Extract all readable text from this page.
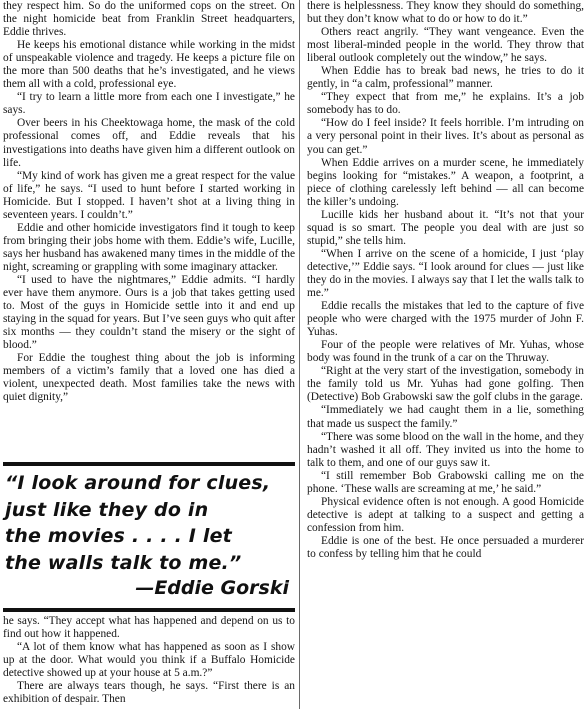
they respect him. So do the uniformed cops on the street. On the night homicide beat from Franklin Street headquarters, Eddie thrives.

He keeps his emotional distance while working in the midst of unspeakable violence and tragedy. He keeps a picture file on the more than 500 deaths that he’s investigated, and he views them all with a cold, professional eye.

“I try to learn a little more from each one I investigate,” he says.

Over beers in his Cheektowaga home, the mask of the cold professional comes off, and Eddie reveals that his investigations into deaths have given him a different outlook on life.

“My kind of work has given me a great respect for the value of life,” he says. “I used to hunt before I started working in Homicide. But I stopped. I haven’t shot at a living thing in seventeen years. I couldn’t.”

Eddie and other homicide investigators find it tough to keep from bringing their jobs home with them. Eddie’s wife, Lucille, says her husband has awakened many times in the middle of the night, screaming or grappling with some imaginary attacker.

“I used to have the nightmares,” Eddie admits. “I hardly ever have them anymore. Ours is a job that takes getting used to. Most of the guys in Homicide settle into it and end up staying in the squad for years. But I’ve seen guys who quit after six months — they couldn’t stand the misery or the sight of blood.”

For Eddie the toughest thing about the job is informing members of a victim’s family that a loved one has died a violent, unexpected death. Most families take the news with quiet dignity,”

“I look around for clues,
just like they do in
the movies . . . . I let
the walls talk to me.”
—Eddie Gorski

he says. “They accept what has happened and depend on us to find out how it happened.

“A lot of them know what has happened as soon as I show up at the door. What would you think if a Buffalo Homicide detective showed up at your house at 5 a.m.?”

There are always tears though, he says. “First there is an exhibition of despair. Then

there is helplessness. They know they should do something, but they don’t know what to do or how to do it.”

Others react angrily. “They want vengeance. Even the most liberal-minded people in the world. They throw that liberal outlook completely out the window,” he says.

When Eddie has to break bad news, he tries to do it gently, in “a calm, professional” manner.

“They expect that from me,” he explains. It’s a job somebody has to do.

“How do I feel inside? It feels horrible. I’m intruding on a very personal point in their lives. It’s about as personal as you can get.”

When Eddie arrives on a murder scene, he immediately begins looking for “mistakes.” A weapon, a footprint, a piece of clothing carelessly left behind — all can become the killer’s undoing.

Lucille kids her husband about it. “It’s not that your squad is so smart. The people you deal with are just so stupid,” she tells him.

“When I arrive on the scene of a homicide, I just ‘play detective,’” Eddie says. “I look around for clues — just like they do in the movies. I always say that I let the walls talk to me.”

Eddie recalls the mistakes that led to the capture of five people who were charged with the 1975 murder of John F. Yuhas.

Four of the people were relatives of Mr. Yuhas, whose body was found in the trunk of a car on the Thruway.

“Right at the very start of the investigation, somebody in the family told us Mr. Yuhas had gone golfing. Then (Detective) Bob Grabowski saw the golf clubs in the garage.

“Immediately we had caught them in a lie, something that made us suspect the family.”

“There was some blood on the wall in the home, and they hadn’t washed it all off. They invited us into the home to talk to them, and one of our guys saw it.

“I still remember Bob Grabowski calling me on the phone. ‘These walls are screaming at me,’ he said.”

Physical evidence often is not enough. A good Homicide detective is adept at talking to a suspect and getting a confession from him.

Eddie is one of the best. He once persuaded a murderer to confess by telling him that he could
